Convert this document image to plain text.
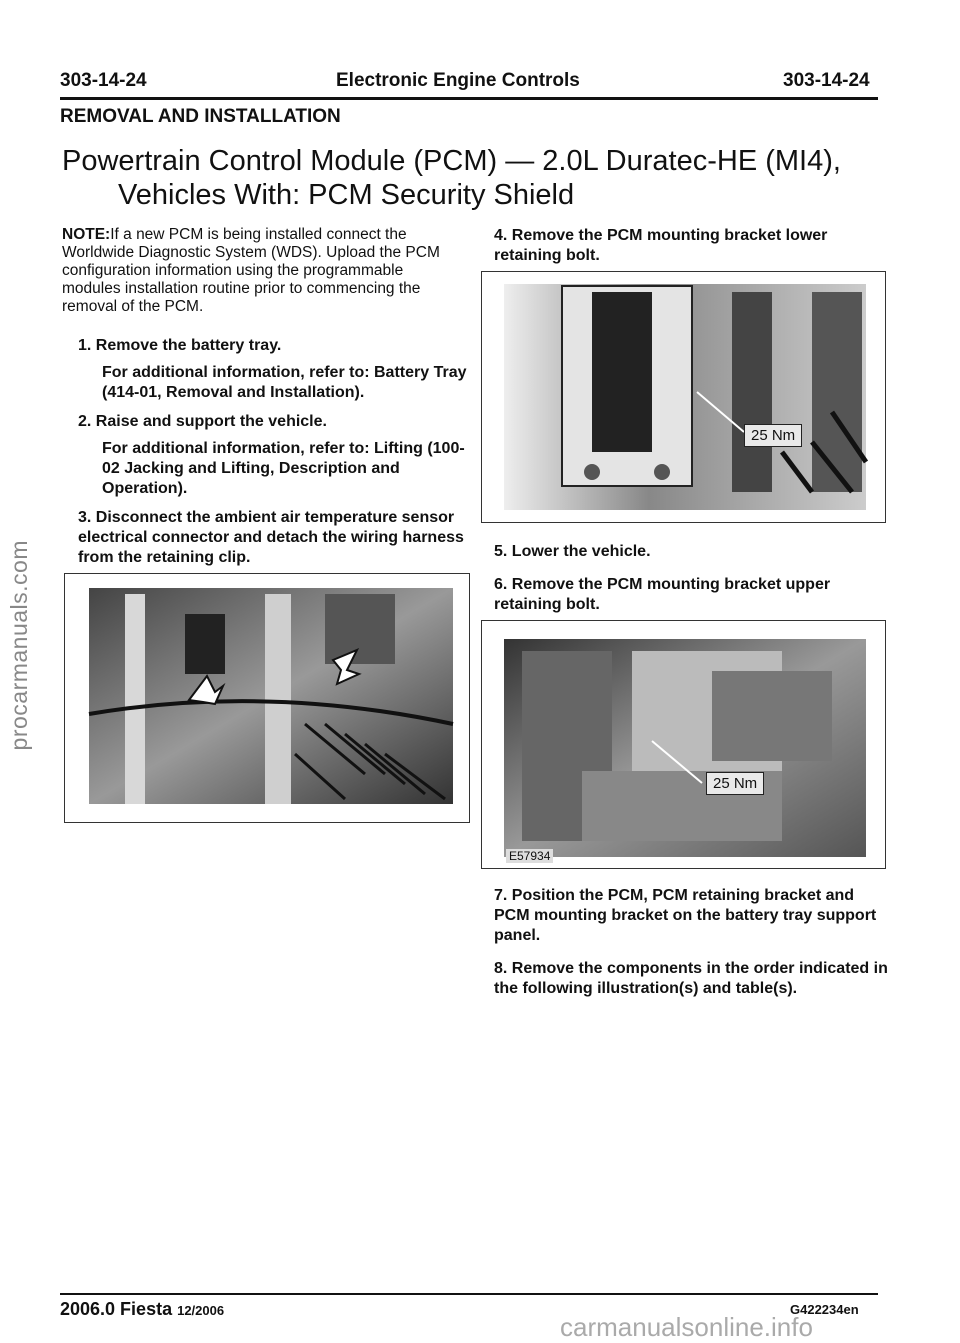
303-14-24	Electronic Engine Controls	303-14-24
REMOVAL AND INSTALLATION
Powertrain Control Module (PCM) — 2.0L Duratec-HE (MI4),
Vehicles With: PCM Security Shield
NOTE:If a new PCM is being installed connect the Worldwide Diagnostic System (WDS). Upload the PCM configuration information using the programmable modules installation routine prior to commencing the removal of the PCM.
1. Remove the battery tray.
For additional information, refer to: Battery Tray (414-01, Removal and Installation).
2. Raise and support the vehicle.
For additional information, refer to: Lifting (100-02 Jacking and Lifting, Description and Operation).
3. Disconnect the ambient air temperature sensor electrical connector and detach the wiring harness from the retaining clip.
4. Remove the PCM mounting bracket lower retaining bolt.
25 Nm
5. Lower the vehicle.
6. Remove the PCM mounting bracket upper retaining bolt.
25 Nm
E57934
7. Position the PCM, PCM retaining bracket and PCM mounting bracket on the battery tray support panel.
8. Remove the components in the order indicated in the following illustration(s) and table(s).
2006.0 Fiesta 12/2006	G422234en
procarmanuals.com
carmanualsonline.info
